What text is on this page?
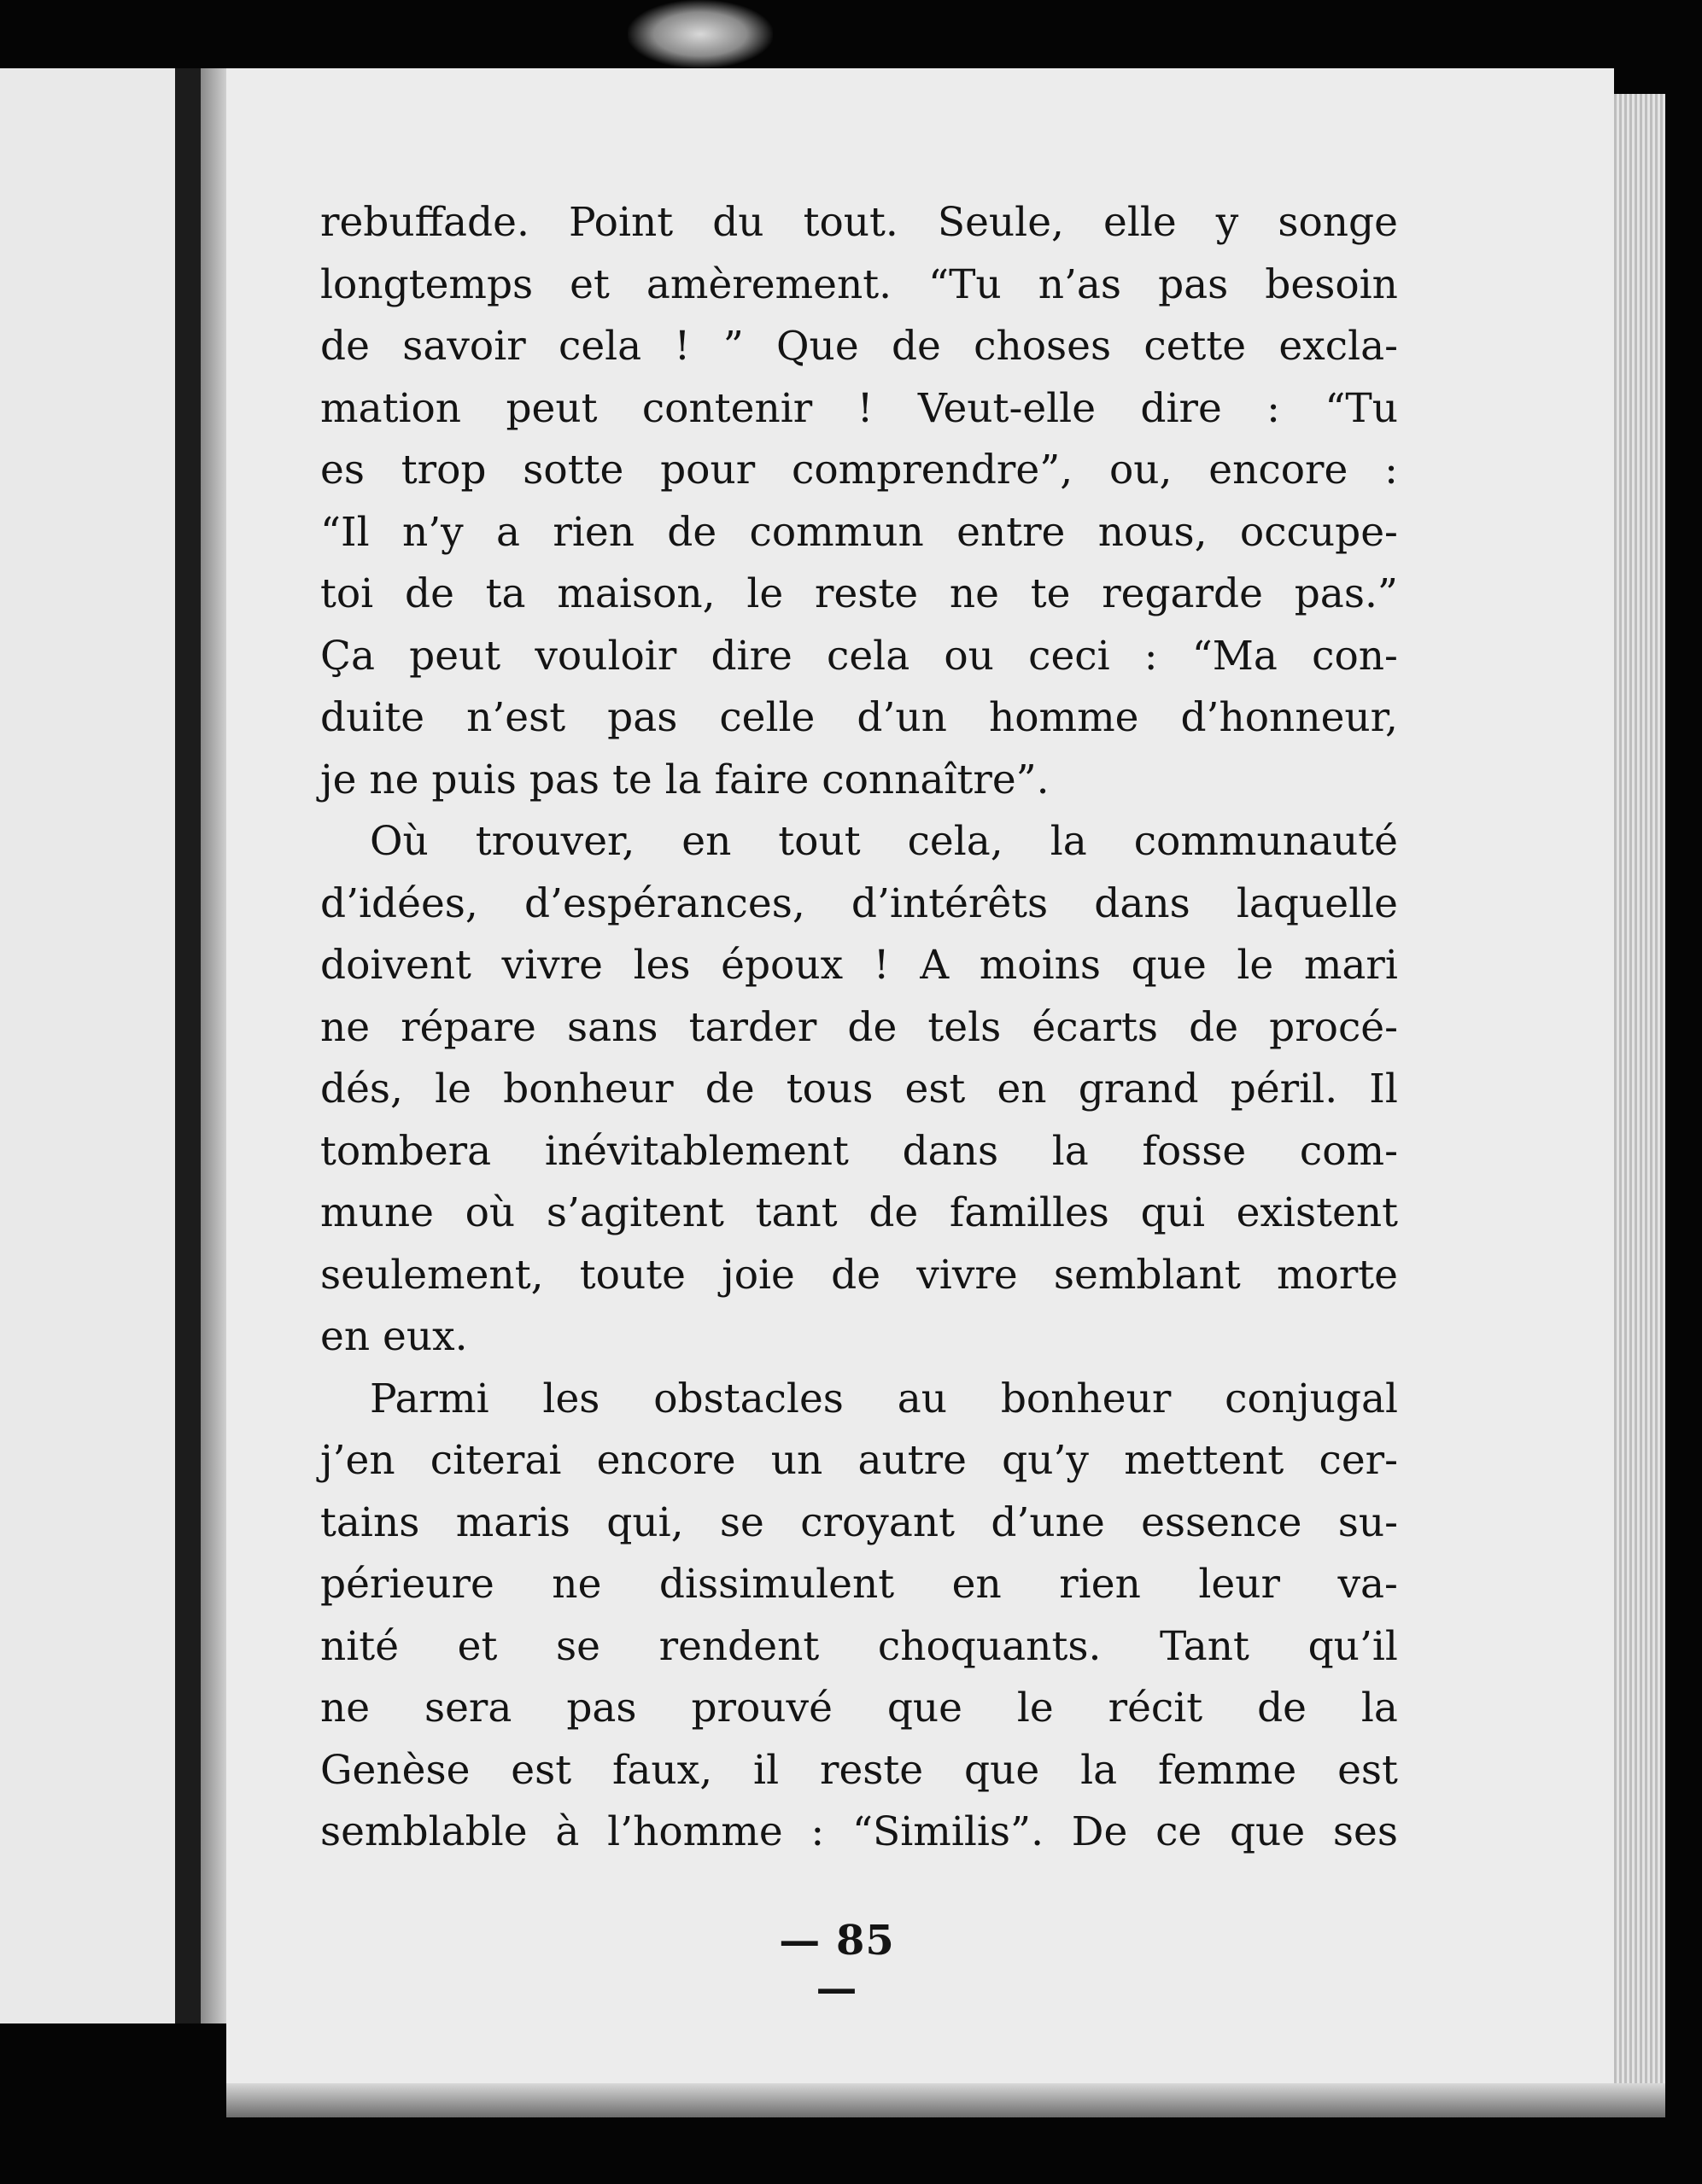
rebuffade. Point du tout. Seule, elle y songe
longtemps et amèrement. “Tu n’as pas besoin
de savoir cela ! ” Que de choses cette excla-
mation peut contenir ! Veut-elle dire : “Tu
es trop sotte pour comprendre”, ou, encore :
“Il n’y a rien de commun entre nous, occupe-
toi de ta maison, le reste ne te regarde pas.”
Ça peut vouloir dire cela ou ceci : “Ma con-
duite n’est pas celle d’un homme d’honneur,
je ne puis pas te la faire connaître”.
Où trouver, en tout cela, la communauté
d’idées, d’espérances, d’intérêts dans laquelle
doivent vivre les époux ! A moins que le mari
ne répare sans tarder de tels écarts de procé-
dés, le bonheur de tous est en grand péril. Il
tombera inévitablement dans la fosse com-
mune où s’agitent tant de familles qui existent
seulement, toute joie de vivre semblant morte
en eux.
Parmi les obstacles au bonheur conjugal
j’en citerai encore un autre qu’y mettent cer-
tains maris qui, se croyant d’une essence su-
périeure ne dissimulent en rien leur va-
nité et se rendent choquants. Tant qu’il
ne sera pas prouvé que le récit de la
Genèse est faux, il reste que la femme est
semblable à l’homme : “Similis”. De ce que ses
— 85 —
